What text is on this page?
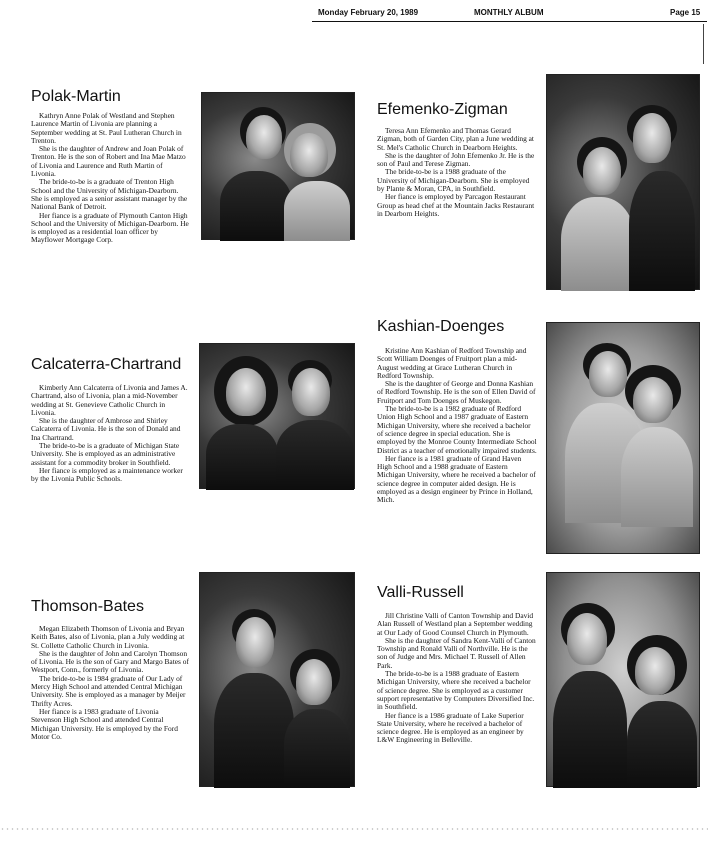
Monday February 20, 1989	MONTHLY ALBUM	Page 15
Polak-Martin

Kathryn Anne Polak of Westland and Stephen Laurence Martin of Livonia are planning a September wedding at St. Paul Lutheran Church in Trenton.

She is the daughter of Andrew and Joan Polak of Trenton. He is the son of Robert and Ina Mae Matzo of Livonia and Laurence and Ruth Martin of Livonia.

The bride-to-be is a graduate of Trenton High School and the University of Michigan-Dearborn. She is employed as a senior assistant manager by the National Bank of Detroit.

Her fiance is a graduate of Plymouth Canton High School and the University of Michigan-Dearborn. He is employed as a residential loan officer by Mayflower Mortgage Corp.

Efemenko-Zigman

Teresa Ann Efemenko and Thomas Gerard Zigman, both of Garden City, plan a June wedding at St. Mel's Catholic Church in Dearborn Heights.

She is the daughter of John Efemenko Jr. He is the son of Paul and Terese Zigman.

The bride-to-be is a 1988 graduate of the University of Michigan-Dearborn. She is employed by Plante & Moran, CPA, in Southfield.

Her fiance is employed by Parcagon Restaurant Group as head chef at the Mountain Jacks Restaurant in Dearborn Heights.

Kashian-Doenges

Kristine Ann Kashian of Redford Township and Scott William Doenges of Fruitport plan a mid-August wedding at Grace Lutheran Church in Redford Township.

She is the daughter of George and Donna Kashian of Redford Township. He is the son of Ellen David of Fruitport and Tom Doenges of Muskegon.

The bride-to-be is a 1982 graduate of Redford Union High School and a 1987 graduate of Eastern Michigan University, where she received a bachelor of science degree in special education. She is employed by the Monroe County Intermediate School District as a teacher of emotionally impaired students.

Her fiance is a 1981 graduate of Grand Haven High School and a 1988 graduate of Eastern Michigan University, where he received a bachelor of science degree in computer aided design. He is employed as a design engineer by Prince in Holland, Mich.

Calcaterra-Chartrand

Kimberly Ann Calcaterra of Livonia and James A. Chartrand, also of Livonia, plan a mid-November wedding at St. Genevieve Catholic Church in Livonia.

She is the daughter of Ambrose and Shirley Calcaterra of Livonia. He is the son of Donald and Ina Chartrand.

The bride-to-be is a graduate of Michigan State University. She is employed as an administrative assistant for a commodity broker in Southfield.

Her fiance is employed as a maintenance worker by the Livonia Public Schools.

Thomson-Bates

Megan Elizabeth Thomson of Livonia and Bryan Keith Bates, also of Livonia, plan a July wedding at St. Collette Catholic Church in Livonia.

She is the daughter of John and Carolyn Thomson of Livonia. He is the son of Gary and Margo Bates of Westport, Conn., formerly of Livonia.

The bride-to-be is 1984 graduate of Our Lady of Mercy High School and attended Central Michigan University. She is employed as a manager by Meijer Thrifty Acres.

Her fiance is a 1983 graduate of Livonia Stevenson High School and attended Central Michigan University. He is employed by the Ford Motor Co.

Valli-Russell

Jill Christine Valli of Canton Township and David Alan Russell of Westland plan a September wedding at Our Lady of Good Counsel Church in Plymouth.

She is the daughter of Sandra Kent-Valli of Canton Township and Ronald Valli of Northville. He is the son of Judge and Mrs. Michael T. Russell of Allen Park.

The bride-to-be is a 1988 graduate of Eastern Michigan University, where she received a bachelor of science degree. She is employed as a customer support representative by Computers Diversified Inc. in Southfield.

Her fiance is a 1986 graduate of Lake Superior State University, where he received a bachelor of science degree. He is employed as an engineer by L&W Engineering in Belleville.
